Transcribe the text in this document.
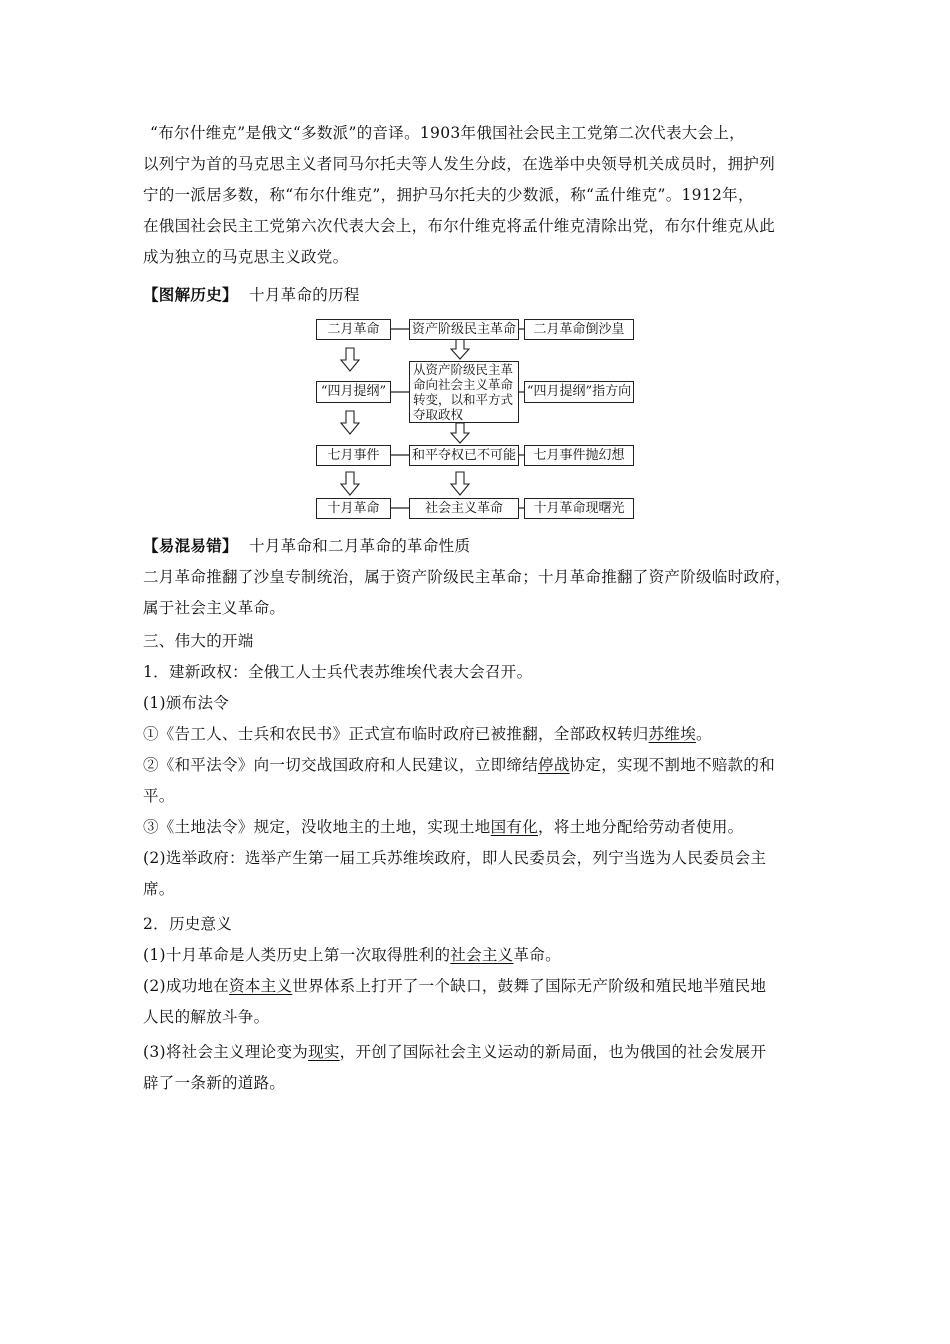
“布尔什维克”是俄文“多数派”的音译。1903年俄国社会民主工党第二次代表大会上，
以列宁为首的马克思主义者同马尔托夫等人发生分歧，在选举中央领导机关成员时，拥护列
宁的一派居多数，称“布尔什维克”，拥护马尔托夫的少数派，称“孟什维克”。1912年，
在俄国社会民主工党第六次代表大会上，布尔什维克将孟什维克清除出党，布尔什维克从此
成为独立的马克思主义政党。
【图解历史】 十月革命的历程
二月革命
“四月提纲”
七月事件
十月革命
资产阶级民主革命
从资产阶级民主革
命向社会主义革命
转变，以和平方式
夺取政权
和平夺权已不可能
社会主义革命
二月革命倒沙皇
“四月提纲”指方向
七月事件抛幻想
十月革命现曙光
【易混易错】 十月革命和二月革命的革命性质
二月革命推翻了沙皇专制统治，属于资产阶级民主革命；十月革命推翻了资产阶级临时政府，
属于社会主义革命。
三、伟大的开端
1．建新政权：全俄工人士兵代表苏维埃代表大会召开。
(1)颁布法令
①《告工人、士兵和农民书》正式宣布临时政府已被推翻，全部政权转归苏维埃。
②《和平法令》向一切交战国政府和人民建议，立即缔结停战协定，实现不割地不赔款的和
平。
③《土地法令》规定，没收地主的土地，实现土地国有化，将土地分配给劳动者使用。
(2)选举政府：选举产生第一届工兵苏维埃政府，即人民委员会，列宁当选为人民委员会主
席。
2．历史意义
(1)十月革命是人类历史上第一次取得胜利的社会主义革命。
(2)成功地在资本主义世界体系上打开了一个缺口，鼓舞了国际无产阶级和殖民地半殖民地
人民的解放斗争。
(3)将社会主义理论变为现实，开创了国际社会主义运动的新局面，也为俄国的社会发展开
辟了一条新的道路。
